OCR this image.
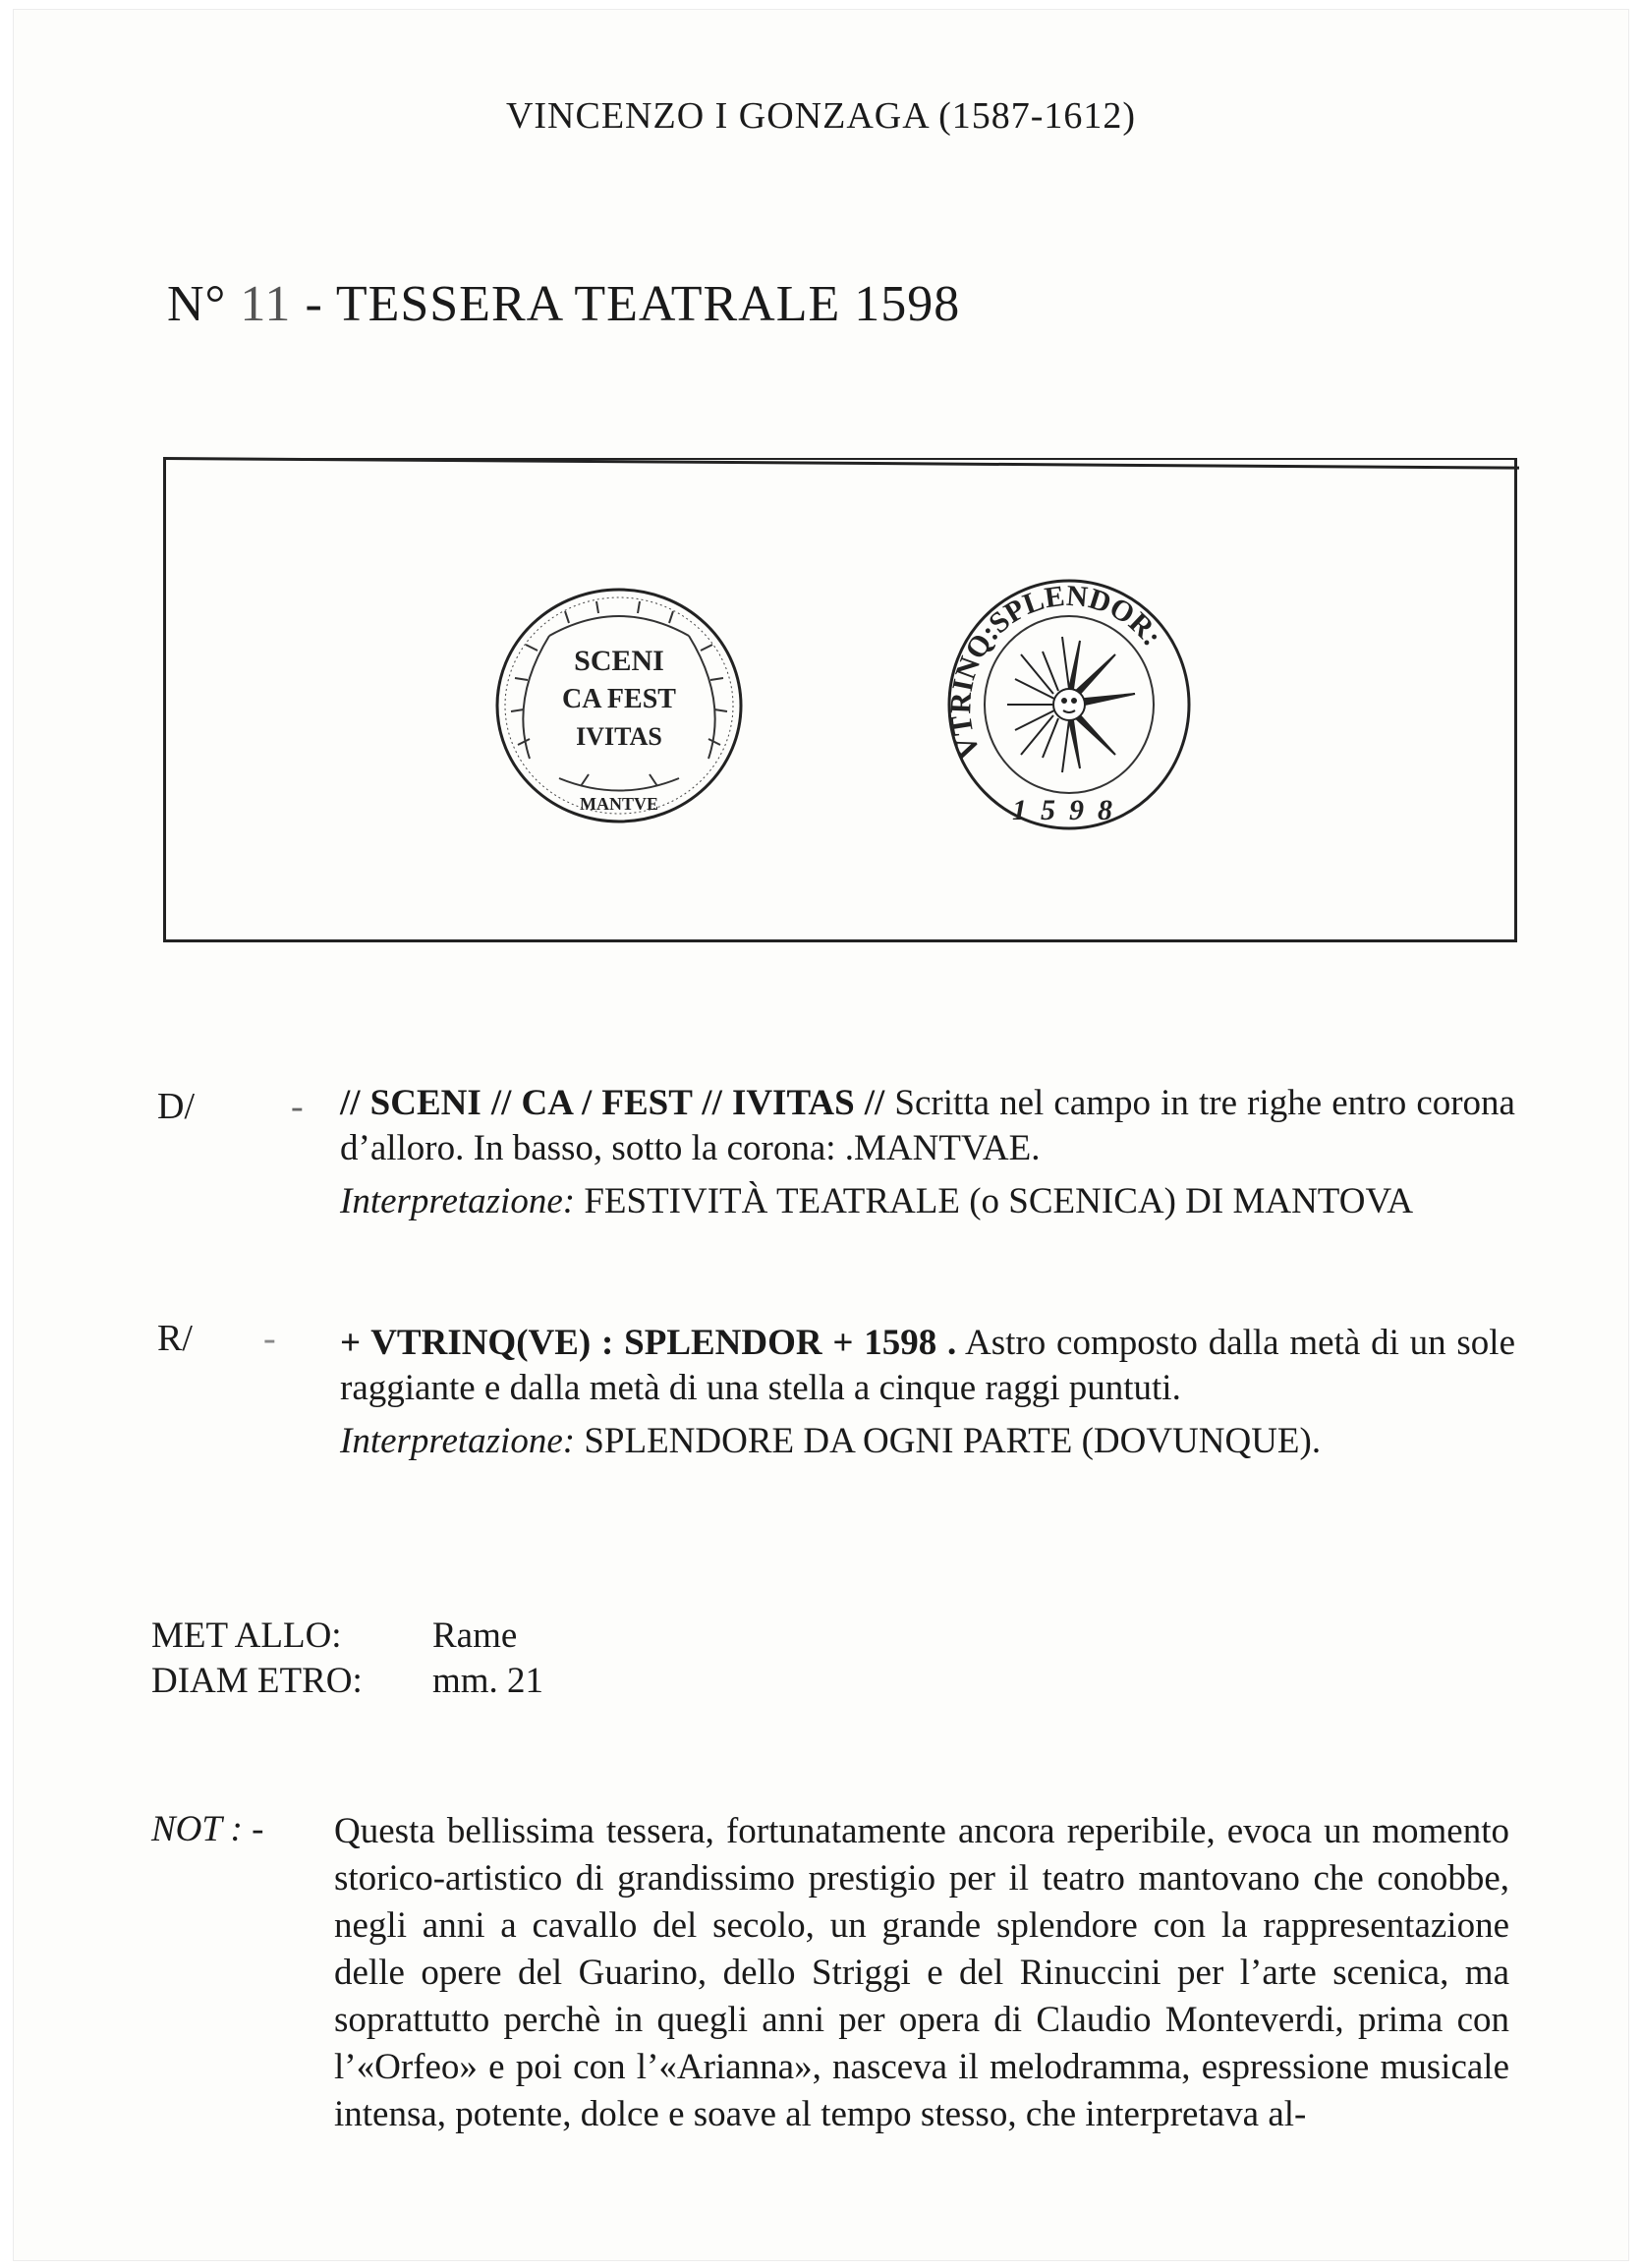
VINCENZO I GONZAGA (1587-1612)
N° 11 - TESSERA TEATRALE 1598
SCENI
CA FEST
IVITAS
MANTVE
VTRINQ:SPLENDOR:
1598
D/	- // SCENI // CA / FEST // IVITAS // Scritta nel campo in tre righe entro corona d’alloro. In basso, sotto la corona: .MANTVAE.

Interpretazione: FESTIVITÀ TEATRALE (o SCENICA) DI MANTOVA

R/ - + VTRINQ(VE) : SPLENDOR + 1598 . Astro composto dalla metà di un sole raggiante e dalla metà di una stella a cinque raggi puntuti.

Interpretazione: SPLENDORE DA OGNI PARTE (DOVUNQUE).

MET ALLO:	Rame
DIAM ETRO:	mm. 21
NOT : - Questa bellissima tessera, fortunatamente ancora reperibile, evoca un momento storico-artistico di grandissimo prestigio per il teatro mantovano che conobbe, negli anni a cavallo del secolo, un grande splendore con la rappresentazione delle opere del Guarino, dello Striggi e del Rinuccini per l’arte scenica, ma soprattutto perchè in quegli anni per opera di Claudio Monteverdi, prima con l’«Orfeo» e poi con l’«Arianna», nasceva il melodramma, espressione musicale intensa, potente, dolce e soave al tempo stesso, che interpretava al-
